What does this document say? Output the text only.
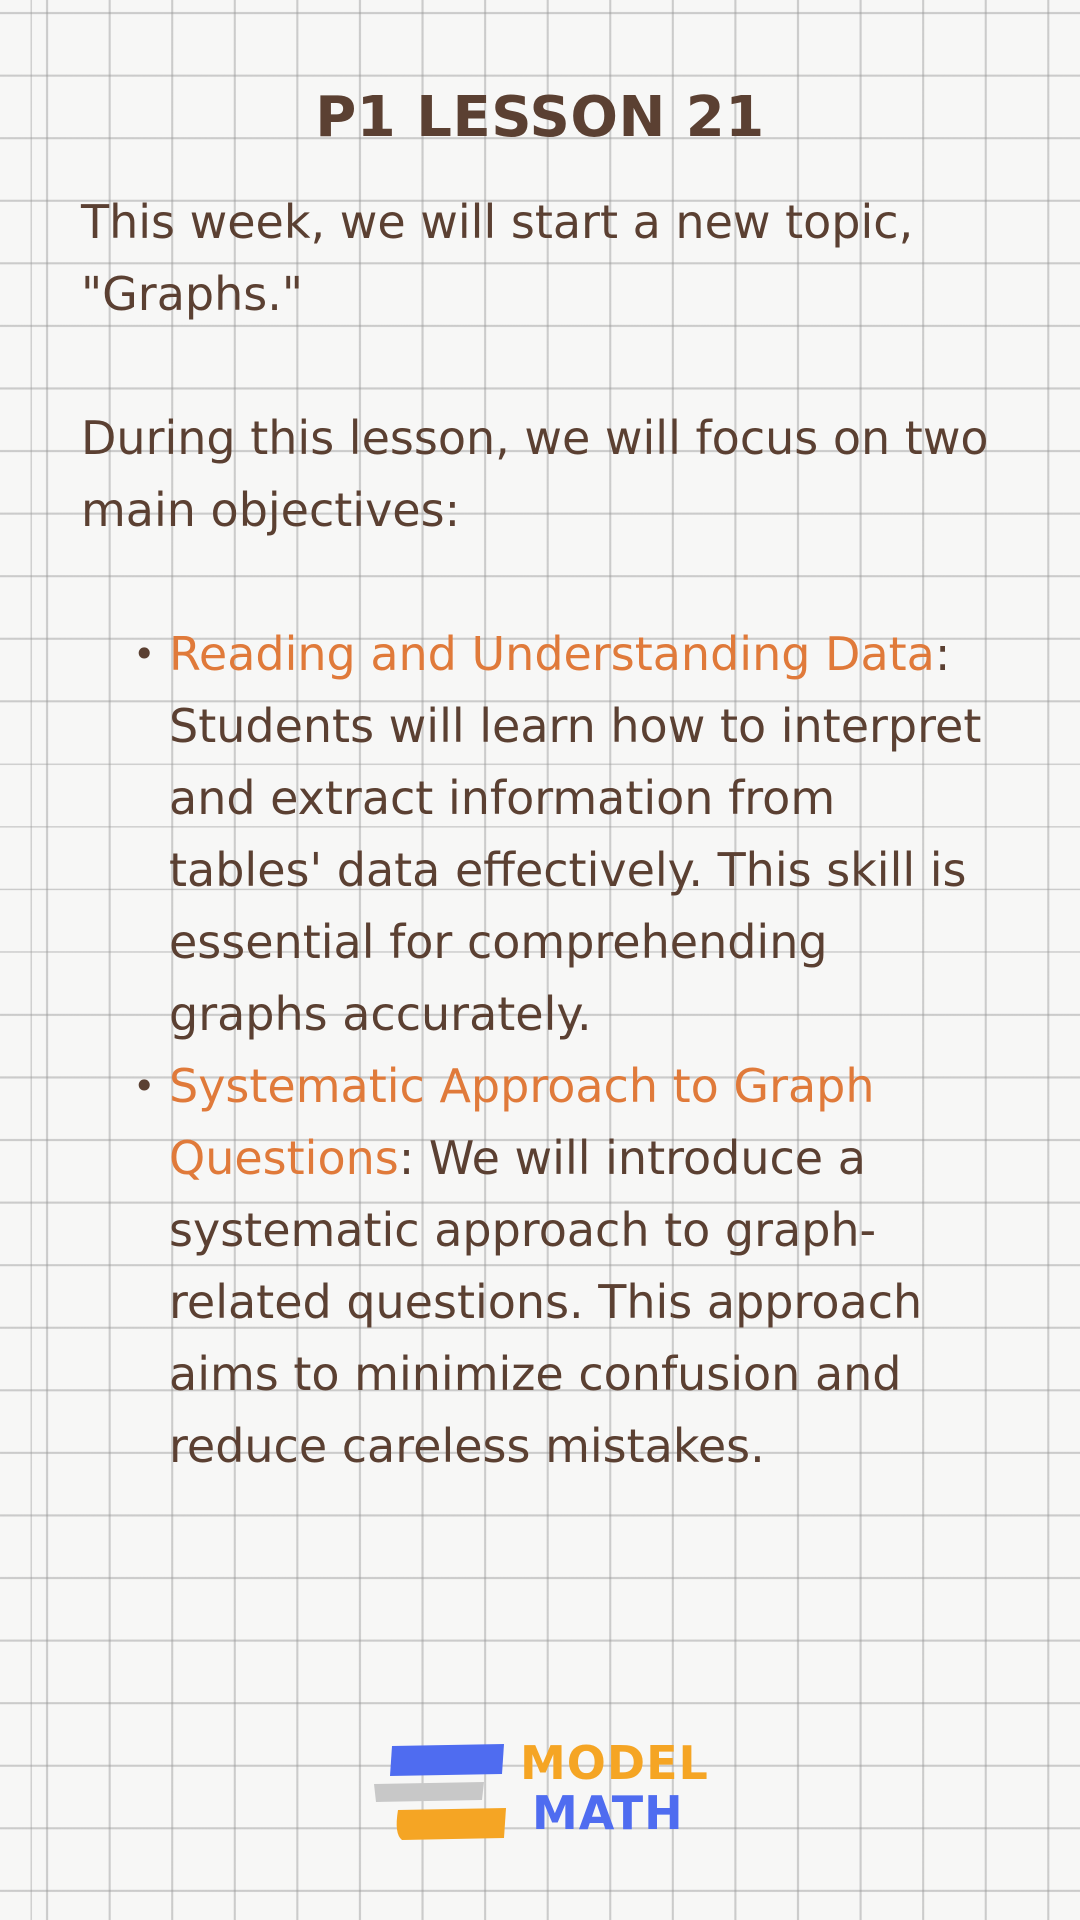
P1 LESSON 21

This week, we will start a new topic, "Graphs."

During this lesson, we will focus on two main objectives:

• Reading and Understanding Data: Students will learn how to interpret and extract information from tables' data effectively. This skill is essential for comprehending graphs accurately.
• Systematic Approach to Graph Questions: We will introduce a systematic approach to graph-related questions. This approach aims to minimize confusion and reduce careless mistakes.
MODEL
MATH
